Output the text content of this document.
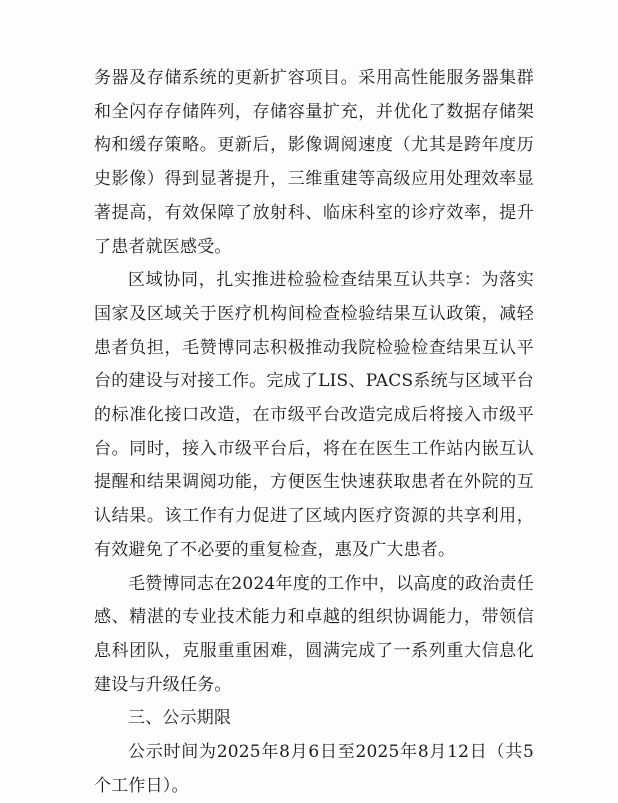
务器及存储系统的更新扩容项目。采用高性能服务器集群和全闪存存储阵列，存储容量扩充，并优化了数据存储架构和缓存策略。更新后，影像调阅速度（尤其是跨年度历史影像）得到显著提升，三维重建等高级应用处理效率显著提高，有效保障了放射科、临床科室的诊疗效率，提升了患者就医感受。

区域协同，扎实推进检验检查结果互认共享：为落实国家及区域关于医疗机构间检查检验结果互认政策，减轻患者负担，毛赞博同志积极推动我院检验检查结果互认平台的建设与对接工作。完成了LIS、PACS系统与区域平台的标准化接口改造，在市级平台改造完成后将接入市级平台。同时，接入市级平台后，将在在医生工作站内嵌互认提醒和结果调阅功能，方便医生快速获取患者在外院的互认结果。该工作有力促进了区域内医疗资源的共享利用，有效避免了不必要的重复检查，惠及广大患者。

毛赞博同志在2024年度的工作中，以高度的政治责任感、精湛的专业技术能力和卓越的组织协调能力，带领信息科团队，克服重重困难，圆满完成了一系列重大信息化建设与升级任务。

三、公示期限

公示时间为2025年8月6日至2025年8月12日（共5个工作日）。
